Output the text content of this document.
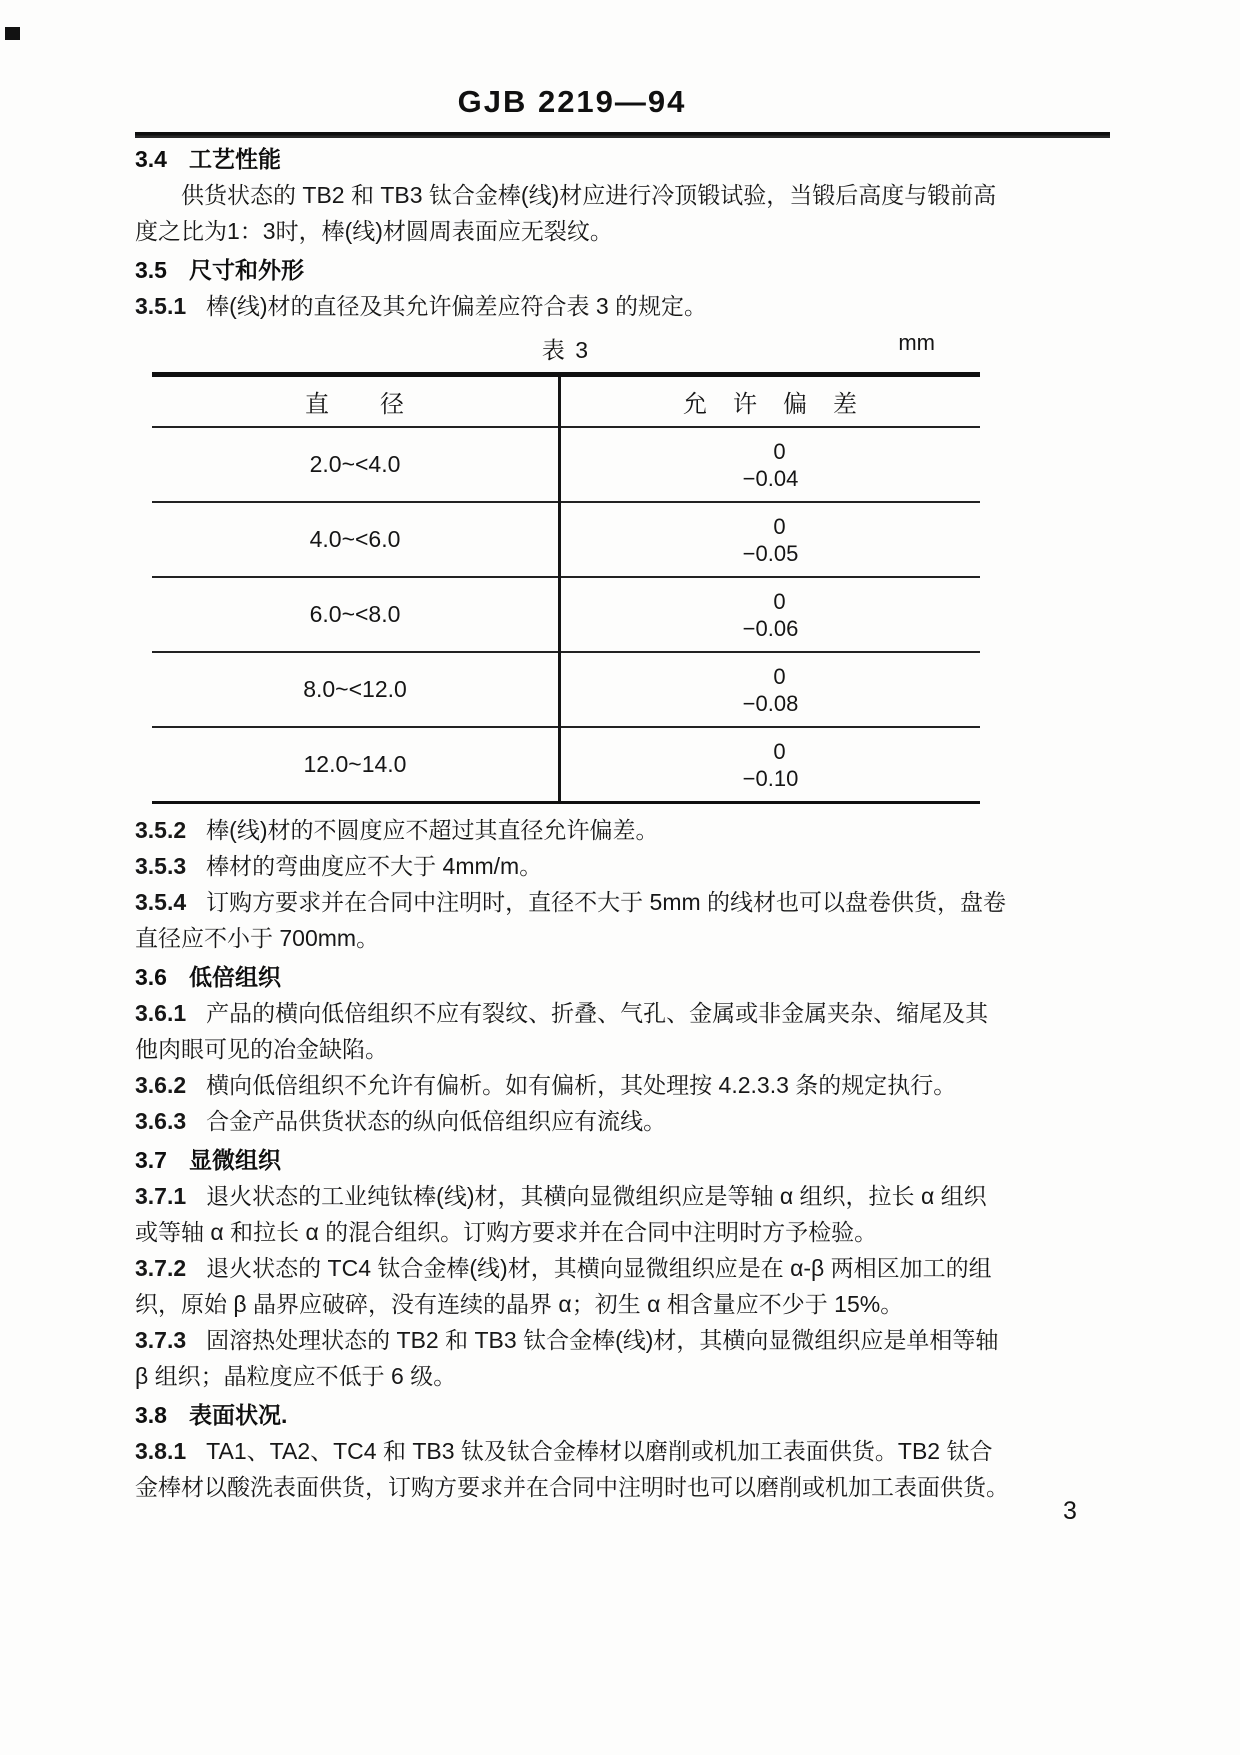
GJB 2219—94

3.4 工艺性能

供货状态的 TB2 和 TB3 钛合金棒(线)材应进行冷顶锻试验，当锻后高度与锻前高度之比为1：3时，棒(线)材圆周表面应无裂纹。

3.5 尺寸和外形

3.5.1 棒(线)材的直径及其允许偏差应符合表 3 的规定。

表 3	mm
直　　径	允　许　偏　差
2.0~<4.0	0
−0.04

4.0~<6.0	0
−0.05

6.0~<8.0	0
−0.06

8.0~<12.0	0
−0.08

12.0~14.0	0
−0.10

3.5.2 棒(线)材的不圆度应不超过其直径允许偏差。

3.5.3 棒材的弯曲度应不大于 4mm/m。

3.5.4 订购方要求并在合同中注明时，直径不大于 5mm 的线材也可以盘卷供货，盘卷直径应不小于 700mm。

3.6 低倍组织

3.6.1 产品的横向低倍组织不应有裂纹、折叠、气孔、金属或非金属夹杂、缩尾及其他肉眼可见的冶金缺陷。

3.6.2 横向低倍组织不允许有偏析。如有偏析，其处理按 4.2.3.3 条的规定执行。

3.6.3 合金产品供货状态的纵向低倍组织应有流线。

3.7 显微组织

3.7.1 退火状态的工业纯钛棒(线)材，其横向显微组织应是等轴 α 组织，拉长 α 组织或等轴 α 和拉长 α 的混合组织。订购方要求并在合同中注明时方予检验。

3.7.2 退火状态的 TC4 钛合金棒(线)材，其横向显微组织应是在 α-β 两相区加工的组织，原始 β 晶界应破碎，没有连续的晶界 α；初生 α 相含量应不少于 15%。

3.7.3 固溶热处理状态的 TB2 和 TB3 钛合金棒(线)材，其横向显微组织应是单相等轴 β 组织；晶粒度应不低于 6 级。

3.8 表面状况.

3.8.1 TA1、TA2、TC4 和 TB3 钛及钛合金棒材以磨削或机加工表面供货。TB2 钛合金棒材以酸洗表面供货，订购方要求并在合同中注明时也可以磨削或机加工表面供货。

3
